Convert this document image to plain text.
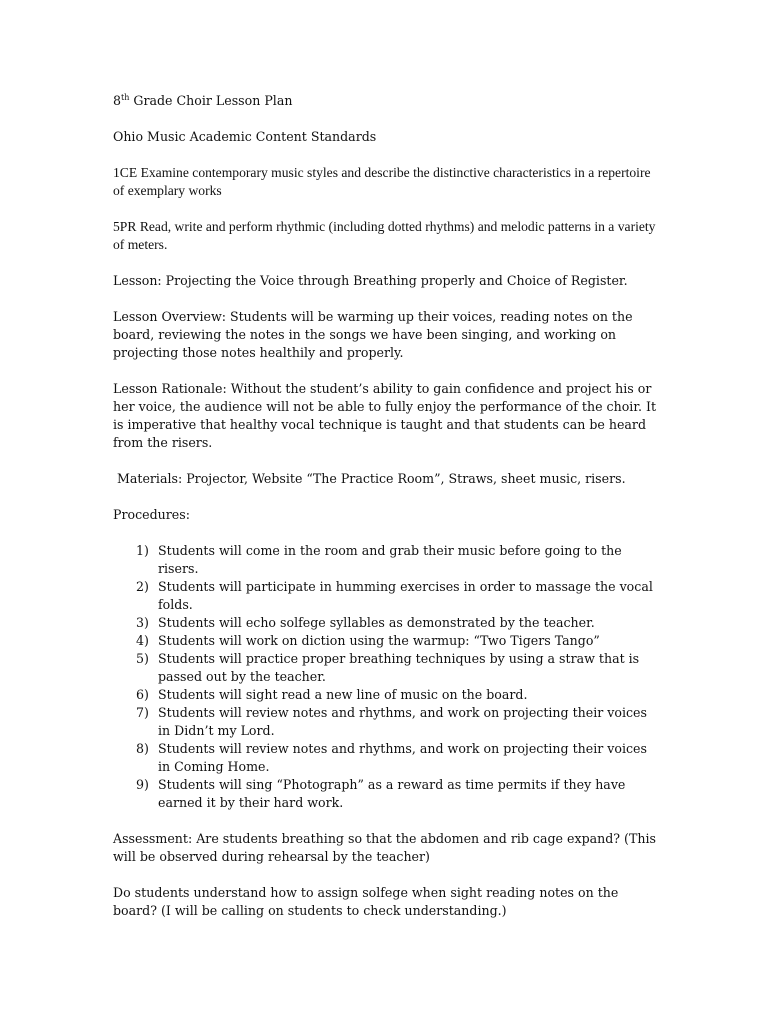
8th Grade Choir Lesson Plan

Ohio Music Academic Content Standards

1CE Examine contemporary music styles and describe the distinctive characteristics in a repertoire of exemplary works

5PR Read, write and perform rhythmic (including dotted rhythms) and melodic patterns in a variety of meters.

Lesson: Projecting the Voice through Breathing properly and Choice of Register.

Lesson Overview: Students will be warming up their voices, reading notes on the board, reviewing the notes in the songs we have been singing, and working on projecting those notes healthily and properly.

Lesson Rationale: Without the student’s ability to gain confidence and project his or her voice, the audience will not be able to fully enjoy the performance of the choir. It is imperative that healthy vocal technique is taught and that students can be heard from the risers.

Materials: Projector, Website “The Practice Room”, Straws, sheet music, risers.

Procedures:

1) Students will come in the room and grab their music before going to the risers.
2) Students will participate in humming exercises in order to massage the vocal folds.
3) Students will echo solfege syllables as demonstrated by the teacher.
4) Students will work on diction using the warmup: “Two Tigers Tango”
5) Students will practice proper breathing techniques by using a straw that is passed out by the teacher.
6) Students will sight read a new line of music on the board.
7) Students will review notes and rhythms, and work on projecting their voices in Didn’t my Lord.
8) Students will review notes and rhythms, and work on projecting their voices in Coming Home.
9) Students will sing “Photograph” as a reward as time permits if they have earned it by their hard work.

Assessment: Are students breathing so that the abdomen and rib cage expand? (This will be observed during rehearsal by the teacher)

Do students understand how to assign solfege when sight reading notes on the board? (I will be calling on students to check understanding.)
